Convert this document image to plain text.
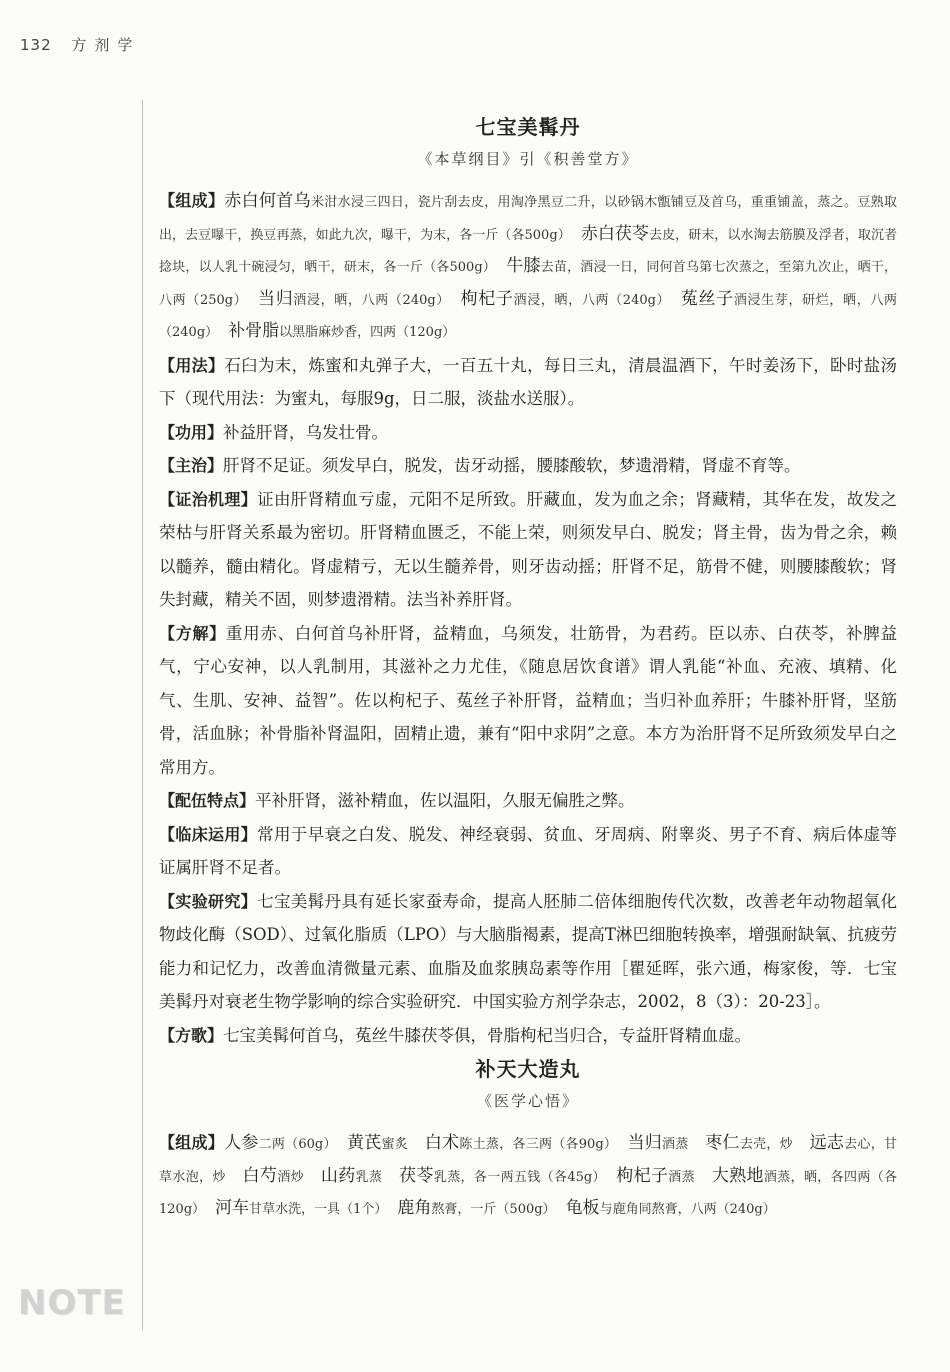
132 方剂学
NOTE
七宝美髯丹
《本草纲目》引《积善堂方》

【组成】赤白何首乌米泔水浸三四日，瓷片刮去皮，用淘净黑豆二升，以砂锅木甑铺豆及首乌，重重铺盖，蒸之。豆熟取出，去豆曝干，换豆再蒸，如此九次，曝干，为末，各一斤（各500g）　 赤白茯苓去皮，研末，以水淘去筋膜及浮者，取沉者捻块，以人乳十碗浸匀，晒干，研末，各一斤（各500g）　 牛膝去苗，酒浸一日，同何首乌第七次蒸之，至第九次止，晒干，八两（250g）　 当归酒浸，晒，八两（240g）　 枸杞子酒浸，晒，八两（240g）　 菟丝子酒浸生芽，研烂，晒，八两（240g）　 补骨脂以黑脂麻炒香，四两（120g）　

【用法】石臼为末，炼蜜和丸弹子大，一百五十丸，每日三丸，清晨温酒下，午时姜汤下，卧时盐汤下（现代用法：为蜜丸，每服9g，日二服，淡盐水送服）。

【功用】补益肝肾，乌发壮骨。

【主治】肝肾不足证。须发早白，脱发，齿牙动摇，腰膝酸软，梦遗滑精，肾虚不育等。

【证治机理】证由肝肾精血亏虚，元阳不足所致。肝藏血，发为血之余；肾藏精，其华在发，故发之荣枯与肝肾关系最为密切。肝肾精血匮乏，不能上荣，则须发早白、脱发；肾主骨，齿为骨之余，赖以髓养，髓由精化。肾虚精亏，无以生髓养骨，则牙齿动摇；肝肾不足，筋骨不健，则腰膝酸软；肾失封藏，精关不固，则梦遗滑精。法当补养肝肾。

【方解】重用赤、白何首乌补肝肾，益精血，乌须发，壮筋骨，为君药。臣以赤、白茯苓，补脾益气，宁心安神，以人乳制用，其滋补之力尤佳，《随息居饮食谱》谓人乳能“补血、充液、填精、化气、生肌、安神、益智”。佐以枸杞子、菟丝子补肝肾，益精血；当归补血养肝；牛膝补肝肾，坚筋骨，活血脉；补骨脂补肾温阳，固精止遗，兼有“阳中求阴”之意。本方为治肝肾不足所致须发早白之常用方。

【配伍特点】平补肝肾，滋补精血，佐以温阳，久服无偏胜之弊。

【临床运用】常用于早衰之白发、脱发、神经衰弱、贫血、牙周病、附睾炎、男子不育、病后体虚等证属肝肾不足者。

【实验研究】七宝美髯丹具有延长家蚕寿命，提高人胚肺二倍体细胞传代次数，改善老年动物超氧化物歧化酶（SOD）、过氧化脂质（LPO）与大脑脂褐素，提高T淋巴细胞转换率，增强耐缺氧、抗疲劳能力和记忆力，改善血清微量元素、血脂及血浆胰岛素等作用［瞿延晖，张六通，梅家俊，等．七宝美髯丹对衰老生物学影响的综合实验研究．中国实验方剂学杂志，2002，8（3）：20-23］。

【方歌】七宝美髯何首乌，菟丝牛膝茯苓俱，骨脂枸杞当归合，专益肝肾精血虚。

补天大造丸
《医学心悟》

【组成】人参二两（60g）　 黄芪蜜炙　 白术陈土蒸，各三两（各90g）　 当归酒蒸　 枣仁去壳，炒　 远志去心，甘草水泡，炒　 白芍酒炒　 山药乳蒸　 茯苓乳蒸，各一两五钱（各45g）　 枸杞子酒蒸　 大熟地酒蒸，晒，各四两（各120g）　 河车甘草水洗，一具（1个）　 鹿角熬膏，一斤（500g）　 龟板与鹿角同熬膏，八两（240g）　
